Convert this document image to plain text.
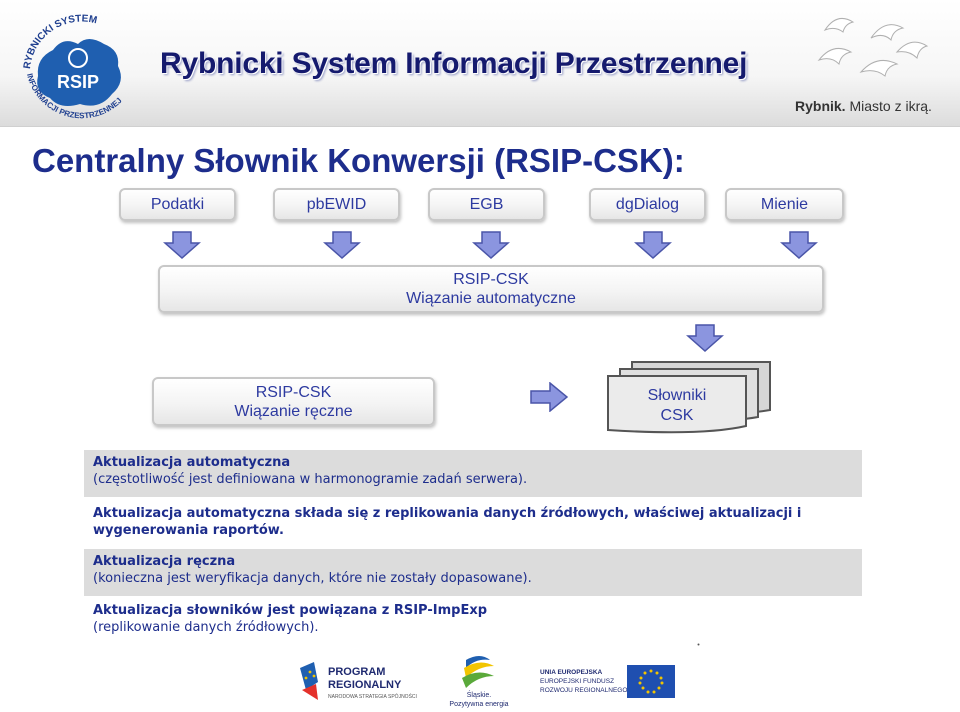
RSIP
RYBNICKI SYSTEM
INFORMACJI PRZESTRZENNEJ
Rybnicki System Informacji Przestrzennej
Rybnik. Miasto z ikrą.
Centralny Słownik Konwersji (RSIP-CSK):
Podatki	pbEWID	EGB	dgDialog	Mienie
RSIP-CSK
Wiązanie automatyczne
RSIP-CSK
Wiązanie ręczne
Słowniki
CSK
Aktualizacja automatyczna
(częstotliwość jest definiowana w harmonogramie zadań serwera).
Aktualizacja automatyczna składa się z replikowania danych źródłowych, właściwej aktualizacji i wygenerowania raportów.
Aktualizacja ręczna
(konieczna jest weryfikacja danych, które nie zostały dopasowane).
Aktualizacja słowników jest powiązana z RSIP-ImpExp
(replikowanie danych źródłowych).
PROGRAM
REGIONALNY
NARODOWA STRATEGIA SPÓJNOŚCI	Śląskie.
Pozytywna energia
UNIA EUROPEJSKA
EUROPEJSKI FUNDUSZ
ROZWOJU REGIONALNEGO
